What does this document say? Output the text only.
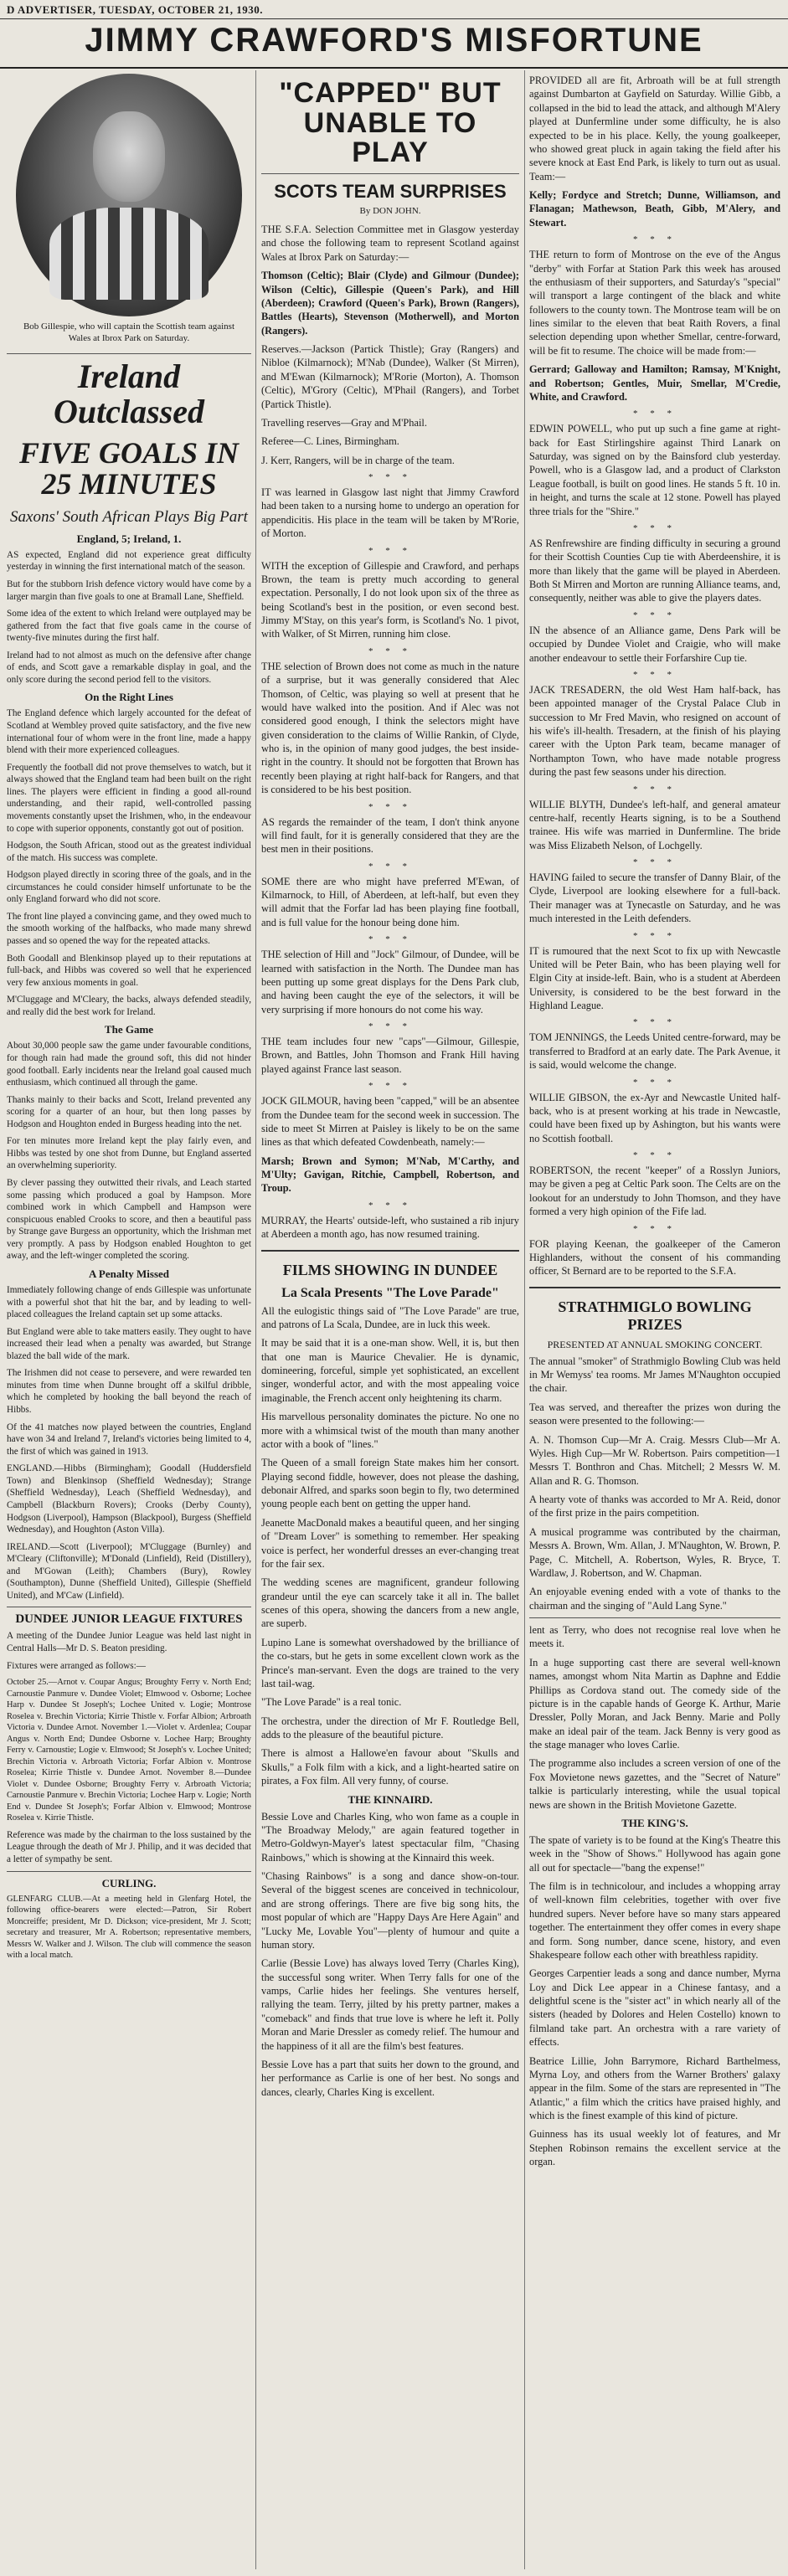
D ADVERTISER, TUESDAY, OCTOBER 21, 1930.
JIMMY CRAWFORD'S MISFORTUNE
Bob Gillespie, who will captain the Scottish team against Wales at Ibrox Park on Saturday.
Ireland Outclassed
FIVE GOALS IN 25 MINUTES
Saxons' South African Plays Big Part
England, 5; Ireland, 1.

AS expected, England did not experience great difficulty yesterday in winning the first international match of the season.

But for the stubborn Irish defence victory would have come by a larger margin than five goals to one at Bramall Lane, Sheffield.

Some idea of the extent to which Ireland were outplayed may be gathered from the fact that five goals came in the course of twenty-five minutes during the first half.

Ireland had to not almost as much on the defensive after change of ends, and Scott gave a remarkable display in goal, and the only score during the second period fell to the visitors.

On the Right Lines

The England defence which largely accounted for the defeat of Scotland at Wembley proved quite satisfactory, and the five new international four of whom were in the front line, made a happy blend with their more experienced colleagues.

Frequently the football did not prove themselves to watch, but it always showed that the England team had been built on the right lines. The players were efficient in finding a good all-round understanding, and their rapid, well-controlled passing movements constantly upset the Irishmen, who, in the endeavour to cope with superior opponents, constantly got out of position.

Hodgson, the South African, stood out as the greatest individual of the match. His success was complete.

Hodgson played directly in scoring three of the goals, and in the circumstances he could consider himself unfortunate to be the only England forward who did not score.

The front line played a convincing game, and they owed much to the smooth working of the halfbacks, who made many shrewd passes and so opened the way for the repeated attacks.

Both Goodall and Blenkinsop played up to their reputations at full-back, and Hibbs was covered so well that he experienced very few anxious moments in goal.

M'Cluggage and M'Cleary, the backs, always defended steadily, and really did the best work for Ireland.

The Game

About 30,000 people saw the game under favourable conditions, for though rain had made the ground soft, this did not hinder good football. Early incidents near the Ireland goal caused much enthusiasm, which continued all through the game.

Thanks mainly to their backs and Scott, Ireland prevented any scoring for a quarter of an hour, but then long passes by Hodgson and Houghton ended in Burgess heading into the net.

For ten minutes more Ireland kept the play fairly even, and Hibbs was tested by one shot from Dunne, but England asserted an overwhelming superiority.

By clever passing they outwitted their rivals, and Leach started some passing which produced a goal by Hampson. More combined work in which Campbell and Hampson were conspicuous enabled Crooks to score, and then a beautiful pass by Strange gave Burgess an opportunity, which the Irishman met very promptly. A pass by Hodgson enabled Houghton to get away, and the left-winger completed the scoring.

A Penalty Missed

Immediately following change of ends Gillespie was unfortunate with a powerful shot that hit the bar, and by leading to well-placed colleagues the Ireland captain set up some attacks.

But England were able to take matters easily. They ought to have increased their lead when a penalty was awarded, but Strange blazed the ball wide of the mark.

The Irishmen did not cease to persevere, and were rewarded ten minutes from time when Dunne brought off a skilful dribble, which he completed by hooking the ball beyond the reach of Hibbs.

Of the 41 matches now played between the countries, England have won 34 and Ireland 7, Ireland's victories being limited to 4, the first of which was gained in 1913.

ENGLAND.—Hibbs (Birmingham); Goodall (Huddersfield Town) and Blenkinsop (Sheffield Wednesday); Strange (Sheffield Wednesday), Leach (Sheffield Wednesday), and Campbell (Blackburn Rovers); Crooks (Derby County), Hodgson (Liverpool), Hampson (Blackpool), Burgess (Sheffield Wednesday), and Houghton (Aston Villa).

IRELAND.—Scott (Liverpool); M'Cluggage (Burnley) and M'Cleary (Cliftonville); M'Donald (Linfield), Reid (Distillery), and M'Gowan (Leith); Chambers (Bury), Rowley (Southampton), Dunne (Sheffield United), Gillespie (Sheffield United), and M'Caw (Linfield).

DUNDEE JUNIOR LEAGUE FIXTURES

A meeting of the Dundee Junior League was held last night in Central Halls—Mr D. S. Beaton presiding.

Fixtures were arranged as follows:—

October 25.—Arnot v. Coupar Angus; Broughty Ferry v. North End; Carnoustie Panmure v. Dundee Violet; Elmwood v. Osborne; Lochee Harp v. Dundee St Joseph's; Lochee United v. Logie; Montrose Roselea v. Brechin Victoria; Kirrie Thistle v. Forfar Albion; Arbroath Victoria v. Dundee Arnot. November 1.—Violet v. Ardenlea; Coupar Angus v. North End; Dundee Osborne v. Lochee Harp; Broughty Ferry v. Carnoustie; Logie v. Elmwood; St Joseph's v. Lochee United; Brechin Victoria v. Arbroath Victoria; Forfar Albion v. Montrose Roselea; Kirrie Thistle v. Dundee Arnot. November 8.—Dundee Violet v. Dundee Osborne; Broughty Ferry v. Arbroath Victoria; Carnoustie Panmure v. Brechin Victoria; Lochee Harp v. Logie; North End v. Dundee St Joseph's; Forfar Albion v. Elmwood; Montrose Roselea v. Kirrie Thistle.

Reference was made by the chairman to the loss sustained by the League through the death of Mr J. Philip, and it was decided that a letter of sympathy be sent.

CURLING.

GLENFARG CLUB.—At a meeting held in Glenfarg Hotel, the following office-bearers were elected:—Patron, Sir Robert Moncreiffe; president, Mr D. Dickson; vice-president, Mr J. Scott; secretary and treasurer, Mr A. Robertson; representative members, Messrs W. Walker and J. Wilson. The club will commence the season with a local match.

"CAPPED" BUT UNABLE TO PLAY
SCOTS TEAM SURPRISES
By DON JOHN.

THE S.F.A. Selection Committee met in Glasgow yesterday and chose the following team to represent Scotland against Wales at Ibrox Park on Saturday:—

Thomson (Celtic); Blair (Clyde) and Gilmour (Dundee); Wilson (Celtic), Gillespie (Queen's Park), and Hill (Aberdeen); Crawford (Queen's Park), Brown (Rangers), Battles (Hearts), Stevenson (Motherwell), and Morton (Rangers).

Reserves.—Jackson (Partick Thistle); Gray (Rangers) and Nibloe (Kilmarnock); M'Nab (Dundee), Walker (St Mirren), and M'Ewan (Kilmarnock); M'Rorie (Morton), A. Thomson (Celtic), M'Grory (Celtic), M'Phail (Rangers), and Torbet (Partick Thistle).

Travelling reserves—Gray and M'Phail.

Referee—C. Lines, Birmingham.

J. Kerr, Rangers, will be in charge of the team.

* * *

IT was learned in Glasgow last night that Jimmy Crawford had been taken to a nursing home to undergo an operation for appendicitis. His place in the team will be taken by M'Rorie, of Morton.

* * *

WITH the exception of Gillespie and Crawford, and perhaps Brown, the team is pretty much according to general expectation. Personally, I do not look upon six of the three as being Scotland's best in the position, or even second best. Jimmy M'Stay, on this year's form, is Scotland's No. 1 pivot, with Walker, of St Mirren, running him close.

* * *

THE selection of Brown does not come as much in the nature of a surprise, but it was generally considered that Alec Thomson, of Celtic, was playing so well at present that he would have walked into the position. And if Alec was not considered good enough, I think the selectors might have given consideration to the claims of Willie Rankin, of Clyde, who is, in the opinion of many good judges, the best inside-right in the country. It should not be forgotten that Brown has recently been playing at right half-back for Rangers, and that is considered to be his best position.

* * *

AS regards the remainder of the team, I don't think anyone will find fault, for it is generally considered that they are the best men in their positions.

* * *

SOME there are who might have preferred M'Ewan, of Kilmarnock, to Hill, of Aberdeen, at left-half, but even they will admit that the Forfar lad has been playing fine football, and is full value for the honour being done him.

* * *

THE selection of Hill and "Jock" Gilmour, of Dundee, will be learned with satisfaction in the North. The Dundee man has been putting up some great displays for the Dens Park club, and having been caught the eye of the selectors, it will be very surprising if more honours do not come his way.

* * *

THE team includes four new "caps"—Gilmour, Gillespie, Brown, and Battles, John Thomson and Frank Hill having played against France last season.

* * *

JOCK GILMOUR, having been "capped," will be an absentee from the Dundee team for the second week in succession. The side to meet St Mirren at Paisley is likely to be on the same lines as that which defeated Cowdenbeath, namely:—

Marsh; Brown and Symon; M'Nab, M'Carthy, and M'Ulty; Gavigan, Ritchie, Campbell, Robertson, and Troup.

* * *

MURRAY, the Hearts' outside-left, who sustained a rib injury at Aberdeen a month ago, has now resumed training.

FILMS SHOWING IN DUNDEE
La Scala Presents "The Love Parade"

All the eulogistic things said of "The Love Parade" are true, and patrons of La Scala, Dundee, are in luck this week.

It may be said that it is a one-man show. Well, it is, but then that one man is Maurice Chevalier. He is dynamic, domineering, forceful, simple yet sophisticated, an excellent singer, wonderful actor, and with the most appealing voice imaginable, the French accent only heightening its charm.

His marvellous personality dominates the picture. No one no more with a whimsical twist of the mouth than many another actor with a book of "lines."

The Queen of a small foreign State makes him her consort. Playing second fiddle, however, does not please the dashing, debonair Alfred, and sparks soon begin to fly, two determined young people each bent on getting the upper hand.

Jeanette MacDonald makes a beautiful queen, and her singing of "Dream Lover" is something to remember. Her speaking voice is perfect, her wonderful dresses an ever-changing treat for the fair sex.

The wedding scenes are magnificent, grandeur following grandeur until the eye can scarcely take it all in. The ballet scenes of this opera, showing the dancers from a new angle, are superb.

Lupino Lane is somewhat overshadowed by the brilliance of the co-stars, but he gets in some excellent clown work as the Prince's man-servant. Even the dogs are trained to the very last tail-wag.

"The Love Parade" is a real tonic.

The orchestra, under the direction of Mr F. Routledge Bell, adds to the pleasure of the beautiful picture.

There is almost a Hallowe'en favour about "Skulls and Skulls," a Folk film with a kick, and a light-hearted satire on pirates, a Fox film. All very funny, of course.

THE KINNAIRD.

Bessie Love and Charles King, who won fame as a couple in "The Broadway Melody," are again featured together in Metro-Goldwyn-Mayer's latest spectacular film, "Chasing Rainbows," which is showing at the Kinnaird this week.

"Chasing Rainbows" is a song and dance show-on-tour. Several of the biggest scenes are conceived in technicolour, and are strong offerings. There are five big song hits, the most popular of which are "Happy Days Are Here Again" and "Lucky Me, Lovable You"—plenty of humour and quite a human story.

Carlie (Bessie Love) has always loved Terry (Charles King), the successful song writer. When Terry falls for one of the vamps, Carlie hides her feelings. She ventures herself, rallying the team. Terry, jilted by his pretty partner, makes a "comeback" and finds that true love is where he left it. Polly Moran and Marie Dressler as comedy relief. The humour and the happiness of it all are the film's best features.

Bessie Love has a part that suits her down to the ground, and her performance as Carlie is one of her best. No songs and dances, clearly, Charles King is excellent.

PROVIDED all are fit, Arbroath will be at full strength against Dumbarton at Gayfield on Saturday. Willie Gibb, a collapsed in the bid to lead the attack, and although M'Alery played at Dunfermline under some difficulty, he is also expected to be in his place. Kelly, the young goalkeeper, who showed great pluck in again taking the field after his severe knock at East End Park, is likely to turn out as usual. Team:—

Kelly; Fordyce and Stretch; Dunne, Williamson, and Flanagan; Mathewson, Beath, Gibb, M'Alery, and Stewart.

* * *

THE return to form of Montrose on the eve of the Angus "derby" with Forfar at Station Park this week has aroused the enthusiasm of their supporters, and Saturday's "special" will transport a large contingent of the black and white followers to the county town. The Montrose team will be on lines similar to the eleven that beat Raith Rovers, a final selection depending upon whether Smellar, centre-forward, will be fit to resume. The choice will be made from:—

Gerrard; Galloway and Hamilton; Ramsay, M'Knight, and Robertson; Gentles, Muir, Smellar, M'Credie, White, and Crawford.

* * *

EDWIN POWELL, who put up such a fine game at right-back for East Stirlingshire against Third Lanark on Saturday, was signed on by the Bainsford club yesterday. Powell, who is a Glasgow lad, and a product of Clarkston League football, is built on good lines. He stands 5 ft. 10 in. in height, and turns the scale at 12 stone. Powell has played three trials for the "Shire."

* * *

AS Renfrewshire are finding difficulty in securing a ground for their Scottish Counties Cup tie with Aberdeenshire, it is more than likely that the game will be played in Aberdeen. Both St Mirren and Morton are running Alliance teams, and, consequently, neither was able to give the players dates.

* * *

IN the absence of an Alliance game, Dens Park will be occupied by Dundee Violet and Craigie, who will make another endeavour to settle their Forfarshire Cup tie.

* * *

JACK TRESADERN, the old West Ham half-back, has been appointed manager of the Crystal Palace Club in succession to Mr Fred Mavin, who resigned on account of his wife's ill-health. Tresadern, at the finish of his playing career with the Upton Park team, became manager of Northampton Town, who have made notable progress during the past few seasons under his direction.

* * *

WILLIE BLYTH, Dundee's left-half, and general amateur centre-half, recently Hearts signing, is to be a Southend trainee. His wife was married in Dunfermline. The bride was Miss Elizabeth Nelson, of Lochgelly.

* * *

HAVING failed to secure the transfer of Danny Blair, of the Clyde, Liverpool are looking elsewhere for a full-back. Their manager was at Tynecastle on Saturday, and he was much interested in the Leith defenders.

* * *

IT is rumoured that the next Scot to fix up with Newcastle United will be Peter Bain, who has been playing well for Elgin City at inside-left. Bain, who is a student at Aberdeen University, is considered to be the best forward in the Highland League.

* * *

TOM JENNINGS, the Leeds United centre-forward, may be transferred to Bradford at an early date. The Park Avenue, it is said, would welcome the change.

* * *

WILLIE GIBSON, the ex-Ayr and Newcastle United half-back, who is at present working at his trade in Newcastle, could have been fixed up by Ashington, but his wants were no Scottish football.

* * *

ROBERTSON, the recent "keeper" of a Rosslyn Juniors, may be given a peg at Celtic Park soon. The Celts are on the lookout for an understudy to John Thomson, and they have formed a very high opinion of the Fife lad.

* * *

FOR playing Keenan, the goalkeeper of the Cameron Highlanders, without the consent of his commanding officer, St Bernard are to be reported to the S.F.A.

STRATHMIGLO BOWLING PRIZES
PRESENTED AT ANNUAL SMOKING CONCERT.

The annual "smoker" of Strathmiglo Bowling Club was held in Mr Wemyss' tea rooms. Mr James M'Naughton occupied the chair.

Tea was served, and thereafter the prizes won during the season were presented to the following:—

A. N. Thomson Cup—Mr A. Craig. Messrs Club—Mr A. Wyles. High Cup—Mr W. Robertson. Pairs competition—1 Messrs T. Bonthron and Chas. Mitchell; 2 Messrs W. M. Allan and R. G. Thomson.

A hearty vote of thanks was accorded to Mr A. Reid, donor of the first prize in the pairs competition.

A musical programme was contributed by the chairman, Messrs A. Brown, Wm. Allan, J. M'Naughton, W. Brown, P. Page, C. Mitchell, A. Robertson, Wyles, R. Bryce, T. Wardlaw, J. Robertson, and W. Chapman.

An enjoyable evening ended with a vote of thanks to the chairman and the singing of "Auld Lang Syne."

lent as Terry, who does not recognise real love when he meets it.

In a huge supporting cast there are several well-known names, amongst whom Nita Martin as Daphne and Eddie Phillips as Cordova stand out. The comedy side of the picture is in the capable hands of George K. Arthur, Marie Dressler, Polly Moran, and Jack Benny. Marie and Polly make an ideal pair of the team. Jack Benny is very good as the stage manager who loves Carlie.

The programme also includes a screen version of one of the Fox Movietone news gazettes, and the "Secret of Nature" talkie is particularly interesting, while the usual topical news are shown in the British Movietone Gazette.

THE KING'S.

The spate of variety is to be found at the King's Theatre this week in the "Show of Shows." Hollywood has again gone all out for spectacle—"bang the expense!"

The film is in technicolour, and includes a whopping array of well-known film celebrities, together with over five hundred supers. Never before have so many stars appeared together. The entertainment they offer comes in every shape and form. Song number, dance scene, history, and even Shakespeare follow each other with breathless rapidity.

Georges Carpentier leads a song and dance number, Myrna Loy and Dick Lee appear in a Chinese fantasy, and a delightful scene is the "sister act" in which nearly all of the sisters (headed by Dolores and Helen Costello) known to filmland take part. An orchestra with a rare variety of effects.

Beatrice Lillie, John Barrymore, Richard Barthelmess, Myrna Loy, and others from the Warner Brothers' galaxy appear in the film. Some of the stars are represented in "The Atlantic," a film which the critics have praised highly, and which is the finest example of this kind of picture.

Guinness has its usual weekly lot of features, and Mr Stephen Robinson remains the excellent service at the organ.
